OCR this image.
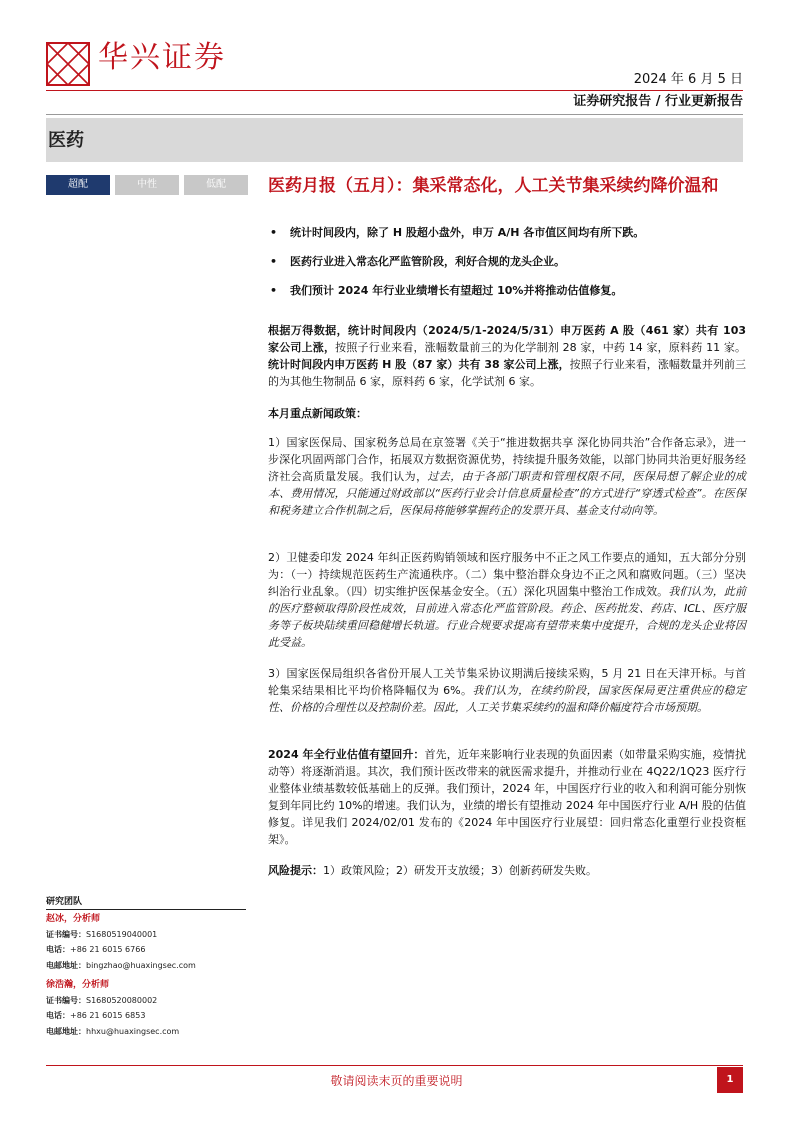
华兴证券
2024 年 6 月 5 日
证券研究报告 / 行业更新报告
医药
超配	中性	低配	医药月报（五月）：集采常态化，人工关节集采续约降价温和
• 统计时间段内，除了 H 股超小盘外，申万 A/H 各市值区间均有所下跌。
• 医药行业进入常态化严监管阶段，利好合规的龙头企业。
• 我们预计 2024 年行业业绩增长有望超过 10%并将推动估值修复。

根据万得数据，统计时间段内（2024/5/1-2024/5/31）申万医药 A 股（461 家）共有 103 家公司上涨，按照子行业来看，涨幅数量前三的为化学制剂 28 家，中药 14 家，原料药 11 家。统计时间段内申万医药 H 股（87 家）共有 38 家公司上涨，按照子行业来看，涨幅数量并列前三的为其他生物制品 6 家，原料药 6 家，化学试剂 6 家。

本月重点新闻政策：

1）国家医保局、国家税务总局在京签署《关于“推进数据共享 深化协同共治”合作备忘录》，进一步深化巩固两部门合作，拓展双方数据资源优势，持续提升服务效能，以部门协同共治更好服务经济社会高质量发展。我们认为，过去，由于各部门职责和管理权限不同，医保局想了解企业的成本、费用情况，只能通过财政部以“医药行业会计信息质量检查”的方式进行“穿透式检查”。在医保和税务建立合作机制之后，医保局将能够掌握药企的发票开具、基金支付动向等。

2）卫健委印发 2024 年纠正医药购销领域和医疗服务中不正之风工作要点的通知，五大部分分别为：（一）持续规范医药生产流通秩序。（二）集中整治群众身边不正之风和腐败问题。（三）坚决纠治行业乱象。（四）切实维护医保基金安全。（五）深化巩固集中整治工作成效。我们认为，此前的医疗整顿取得阶段性成效，目前进入常态化严监管阶段。药企、医药批发、药店、ICL、医疗服务等子板块陆续重回稳健增长轨道。行业合规要求提高有望带来集中度提升，合规的龙头企业将因此受益。

3）国家医保局组织各省份开展人工关节集采协议期满后接续采购，5 月 21 日在天津开标。与首轮集采结果相比平均价格降幅仅为 6%。我们认为，在续约阶段，国家医保局更注重供应的稳定性、价格的合理性以及控制价差。因此，人工关节集采续约的温和降价幅度符合市场预期。

2024 年全行业估值有望回升：首先，近年来影响行业表现的负面因素（如带量采购实施，疫情扰动等）将逐渐消退。其次，我们预计医改带来的就医需求提升，并推动行业在 4Q22/1Q23 医疗行业整体业绩基数较低基础上的反弹。我们预计，2024 年，中国医疗行业的收入和利润可能分别恢复到年同比约 10%的增速。我们认为，业绩的增长有望推动 2024 年中国医疗行业 A/H 股的估值修复。详见我们 2024/02/01 发布的《2024 年中国医疗行业展望：回归常态化重塑行业投资框架》。

风险提示：1）政策风险；2）研发开支放缓；3）创新药研发失败。

研究团队
赵冰，分析师
证书编号：S1680519040001
电话：+86 21 6015 6766
电邮地址：bingzhao@huaxingsec.com
徐浩瀚，分析师
证书编号：S1680520080002
电话：+86 21 6015 6853
电邮地址：hhxu@huaxingsec.com
敬请阅读末页的重要说明	1
